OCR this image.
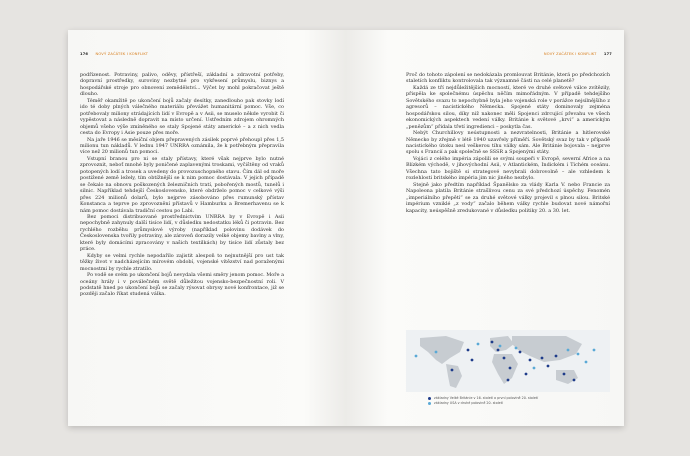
176 NOVÝ ZAČÁTEK I KONFLIKT

podřízenost. Potraviny, palivo, oděvy, přístřeší, základní a zdravotní potřeby, dopravní prostředky, suroviny nezbytné pro vykřesení průmyslu, biznys a hospodářské stroje pro obnovení zemědělství... Výčet by mohl pokračovat ještě dlouho.

Téměř okamžitě po ukončení bojů začaly desítky, zanedlouho pak stovky lodí ido té doby plných válečného materiálu převážet humanitární pomoc. Vše, co potřebovaly miliony strádajících lidí v Evropě a v Asii, se muselo někde vyrobit či vypěstovat a následně dopravit na místo určení. Ustředním zdrojem ohromných objemů všeho výše zmíněného se staly Spojené státy americké – a z nich vedla cesta do Evropy i Asie pouze přes moře.

Na jaře 1946 se měsíční objem přepravených zásilek poprvé přehoupl přes 1,5 milionu tun nákladů. V lednu 1947 UNRRA oznámila, že k potřebným přepravila více než 20 milionů tun pomoci.

Vstupní branou pro ni se staly přístavy, které však nejprve bylo nutné zprovoznit, neboť mnohé byly poničené zaplavenými troskami, vyčištěny od vraků potopených lodí a trosek a uvedeny do provozuschopného stavu. Čím dál od moře postižené země ležely, tím obtížnější se k nim pomoc dostávala. V jejich případě se čekalo na obnovu poškozených železničních tratí, pobořených mostů, tunelů i silnic. Například tehdejší Československo, které obdrželo pomoc v celkové výši přes 224 milionů dolarů, bylo nejprve zásobováno přes rumunský přístav Konstanca a teprve po zprovoznění přístavů v Hamburku a Bremerhavenu se k nám pomoc dostávala tradiční cestou po Labi.

Bez pomoci distribuované prostřednictvím UNRRA by v Evropě i Asii nepochybně zahynuly další tisíce lidí, v důsledku nedostatku léků či potravin. Bez rychlého rozběhu průmyslové výroby (například polovinu dodávek do Československa tvořily potraviny, ale zároveň dorazily velké objemy bavlny a vlny, které byly domácími zpracovány v našich textilkách) by tisíce lidí zůstaly bez práce.

Kdyby se velmi rychle nepodařilo zajistit alespoň to nejnutnější pro ust tak těžky život v nadcházejícím mírovém období, vojenské vítězství nad poraženými mocnostmi by rychle ztratilo.

Po vodě se svém po ukončení bojů nevydala všemi směry jenom pomoc. Moře a oceány hrály i v poválečném světě důležitou vojensko-bezpečnostní roli. V podstatě hned po ukončení bojů se začaly rýsovat obrysy nové konfrontace, již se později začalo říkat studená válka.

NOVÝ ZAČÁTEK I KONFLIKT 177

Proč do tohoto zápolení se nedokázala promlouvat Británie, která po předchozích staletích konfliktu kontrolovala tak významné části na celé planetě?

Každá ze tří nejdůležitějších mocností, které ve druhé světové válce zvítězily, přispěla ke společnému úspěchu něčím mimořádným. V případě tehdejšího Sovětského svazu to nepochybně byla jeho vojenská role v porážce nejsilnějšího z agresorů – nacistického Německa. Spojené státy dominovaly zejména hospodářskou silou, díky níž nakonec měli Spojenci zdrcující převahu ve všech ekonomických aspektech vedení války. Británie k světové „krvi“ a americkým „penězům“ přidala třetí ingredienci – poskytla čas.

Nebýt Churchillovy neústupnosti a nezvratelnosti, Británie a hitlerovské Německo by zřejmě v létě 1940 uzavřely příměří. Sovětský svaz by tak v případě nacistického útoku nesl veškerou tíhu války sám. Ale Británie bojovala – nejprve spolu s Francií a pak společně se SSSR a Spojenými státy.

Vojáci z celého impéria zápolili se svými soupeři v Evropě, severní Africe a na Blízkém východě, v jihovýchodní Asii, v Atlantickém, Indickém i Tichém oceánu. Všechna tato bojiště si strategové nevybrali dobrovolně – ale vzhledem k rozlehlosti britského impéria jim nic jiného nezbylo.

Stejně jako předtím například Španělsko za vlády Karla V. nebo Francie za Napoleona platila Británie strašlivou cenu za své předchozí úspěchy. Fenomén „imperiálního přepětí“ se za druhé světové války projevil s plnou silou. Britské impérium vzniklé „z vody“ začalo během války rychle budovat nové námořní kapacity, neúspěšně zredukované v důsledku politiky 20. a 30. let.

základny Velké Británie v 16. století a první polovině 20. století
základny USA v druhé polovině 20. století
